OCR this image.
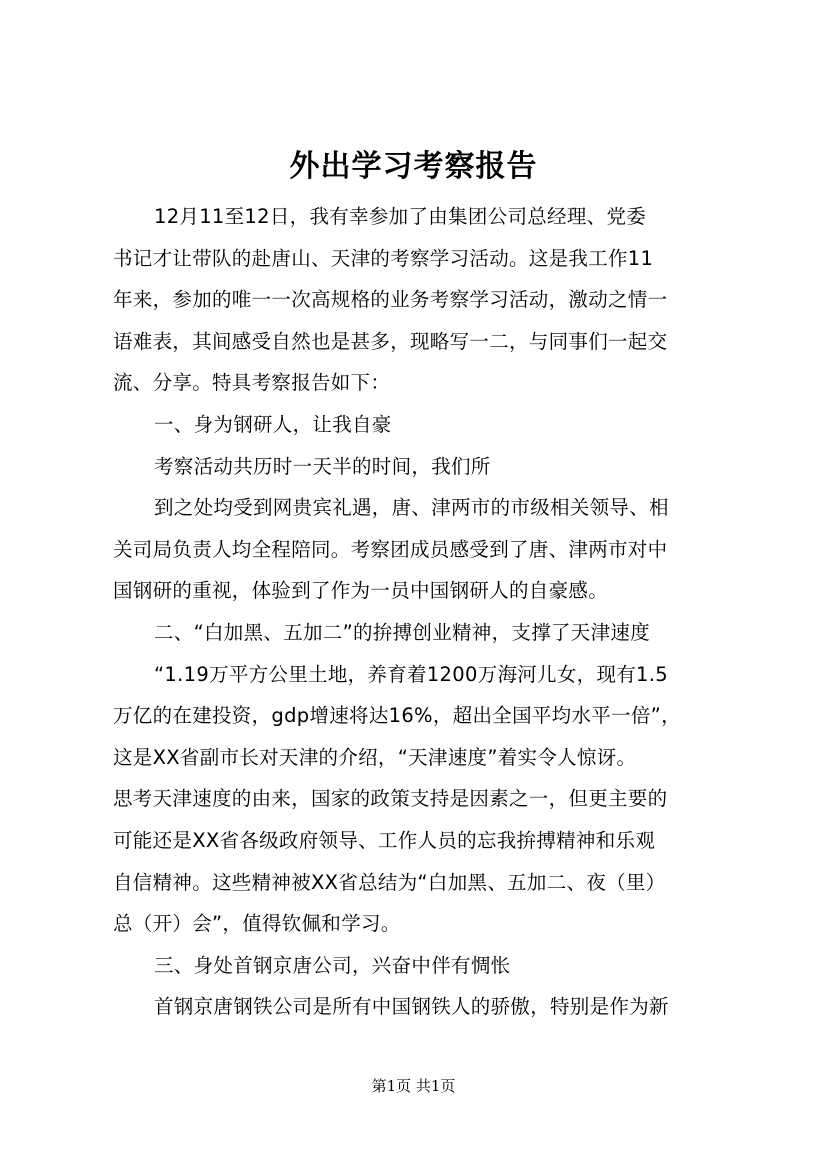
外出学习考察报告
12月11至12日，我有幸参加了由集团公司总经理、党委
书记才让带队的赴唐山、天津的考察学习活动。这是我工作11
年来，参加的唯一一次高规格的业务考察学习活动，激动之情一
语难表，其间感受自然也是甚多，现略写一二，与同事们一起交
流、分享。特具考察报告如下：
一、身为钢研人，让我自豪
考察活动共历时一天半的时间，我们所
到之处均受到网贵宾礼遇，唐、津两市的市级相关领导、相
关司局负责人均全程陪同。考察团成员感受到了唐、津两市对中
国钢研的重视，体验到了作为一员中国钢研人的自豪感。
二、“白加黑、五加二”的拚搏创业精神，支撑了天津速度
“1.19万平方公里土地，养育着1200万海河儿女，现有1.5
万亿的在建投资，gdp增速将达16%，超出全国平均水平一倍”，
这是XX省副市长对天津的介绍，“天津速度”着实令人惊讶。
思考天津速度的由来，国家的政策支持是因素之一，但更主要的
可能还是XX省各级政府领导、工作人员的忘我拚搏精神和乐观
自信精神。这些精神被XX省总结为“白加黑、五加二、夜（里）
总（开）会”，值得钦佩和学习。
三、身处首钢京唐公司，兴奋中伴有惆怅
首钢京唐钢铁公司是所有中国钢铁人的骄傲，特别是作为新
第1页 共1页
